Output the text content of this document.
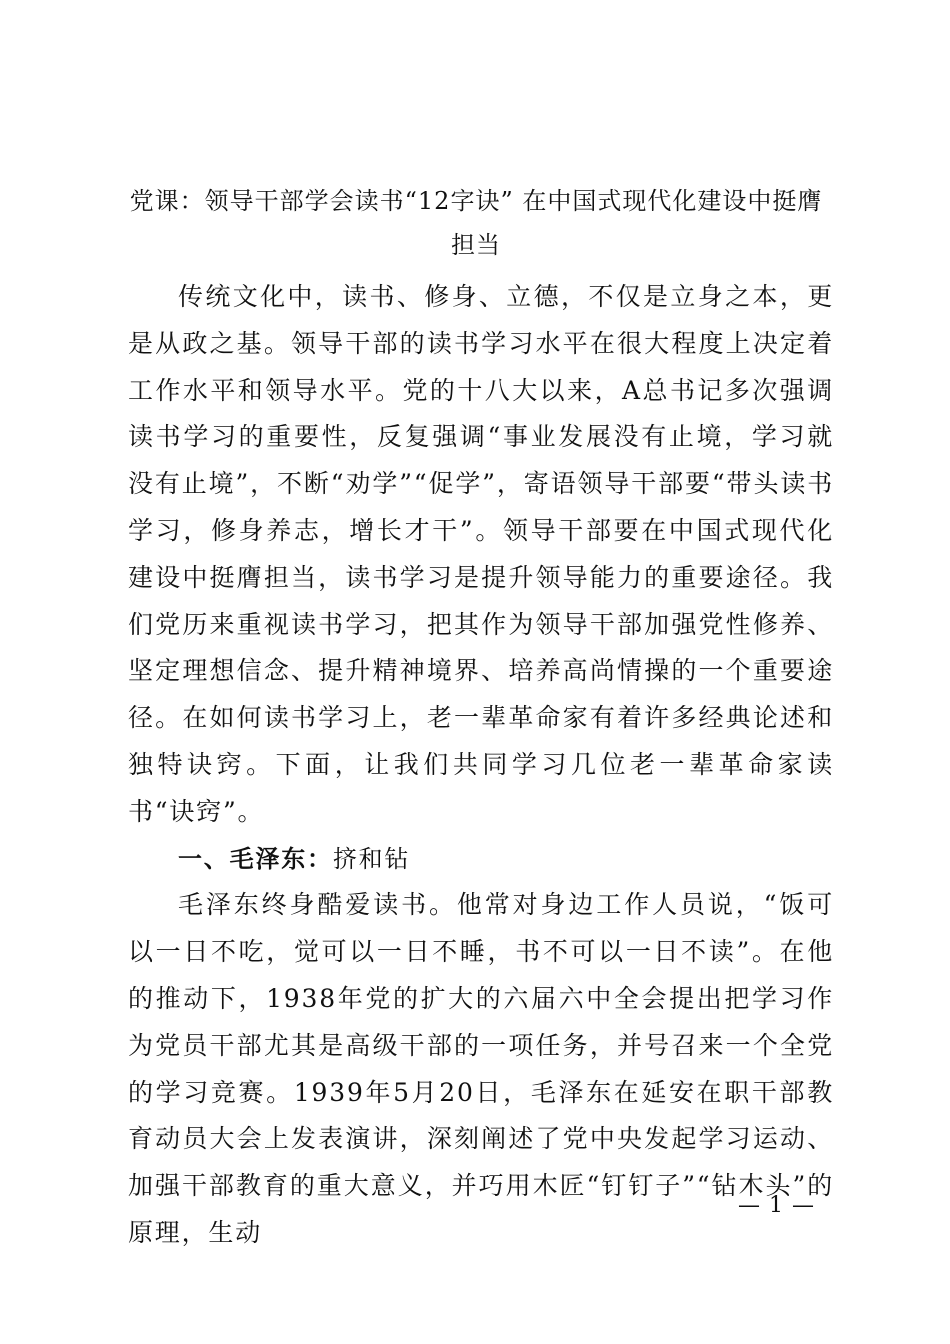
党课：领导干部学会读书“12字诀” 在中国式现代化建设中挺膺担当

传统文化中，读书、修身、立德，不仅是立身之本，更是从政之基。领导干部的读书学习水平在很大程度上决定着工作水平和领导水平。党的十八大以来，A总书记多次强调读书学习的重要性，反复强调“事业发展没有止境，学习就没有止境”，不断“劝学”“促学”，寄语领导干部要“带头读书学习，修身养志，增长才干”。领导干部要在中国式现代化建设中挺膺担当，读书学习是提升领导能力的重要途径。我们党历来重视读书学习，把其作为领导干部加强党性修养、坚定理想信念、提升精神境界、培养高尚情操的一个重要途径。在如何读书学习上，老一辈革命家有着许多经典论述和独特诀窍。下面，让我们共同学习几位老一辈革命家读书“诀窍”。

一、毛泽东：挤和钻

毛泽东终身酷爱读书。他常对身边工作人员说，“饭可以一日不吃，觉可以一日不睡，书不可以一日不读”。在他的推动下，1938年党的扩大的六届六中全会提出把学习作为党员干部尤其是高级干部的一项任务，并号召来一个全党的学习竞赛。1939年5月20日，毛泽东在延安在职干部教育动员大会上发表演讲，深刻阐述了党中央发起学习运动、加强干部教育的重大意义，并巧用木匠“钉钉子”“钻木头”的原理，生动

— 1 —
